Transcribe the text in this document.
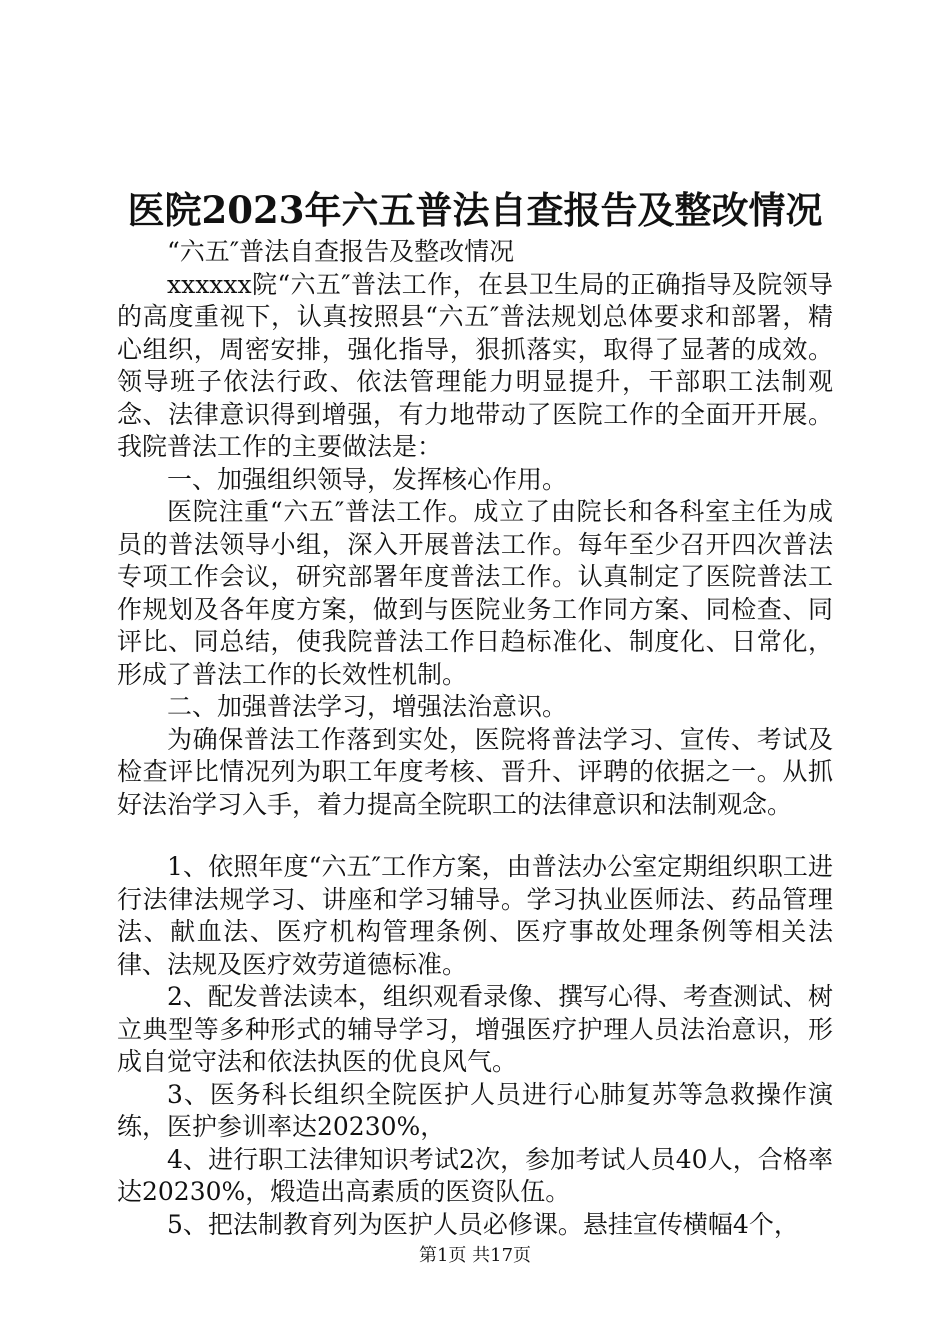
医院2023年六五普法自查报告及整改情况

“六五″普法自查报告及整改情况

xxxxxx院“六五″普法工作，在县卫生局的正确指导及院领导的高度重视下，认真按照县“六五″普法规划总体要求和部署，精心组织，周密安排，强化指导，狠抓落实，取得了显著的成效。领导班子依法行政、依法管理能力明显提升，干部职工法制观念、法律意识得到增强，有力地带动了医院工作的全面开开展。我院普法工作的主要做法是：

一、加强组织领导，发挥核心作用。

医院注重“六五″普法工作。成立了由院长和各科室主任为成员的普法领导小组，深入开展普法工作。每年至少召开四次普法专项工作会议，研究部署年度普法工作。认真制定了医院普法工作规划及各年度方案，做到与医院业务工作同方案、同检查、同评比、同总结，使我院普法工作日趋标准化、制度化、日常化，形成了普法工作的长效性机制。

二、加强普法学习，增强法治意识。

为确保普法工作落到实处，医院将普法学习、宣传、考试及检查评比情况列为职工年度考核、晋升、评聘的依据之一。从抓好法治学习入手，着力提高全院职工的法律意识和法制观念。

1、依照年度“六五″工作方案，由普法办公室定期组织职工进行法律法规学习、讲座和学习辅导。学习执业医师法、药品管理法、献血法、医疗机构管理条例、医疗事故处理条例等相关法律、法规及医疗效劳道德标准。

2、配发普法读本，组织观看录像、撰写心得、考查测试、树立典型等多种形式的辅导学习，增强医疗护理人员法治意识，形成自觉守法和依法执医的优良风气。

3、医务科长组织全院医护人员进行心肺复苏等急救操作演练，医护参训率达20230%，

4、进行职工法律知识考试2次，参加考试人员40人，合格率达20230%，煅造出高素质的医资队伍。

5、把法制教育列为医护人员必修课。悬挂宣传横幅4个，

第1页 共17页
